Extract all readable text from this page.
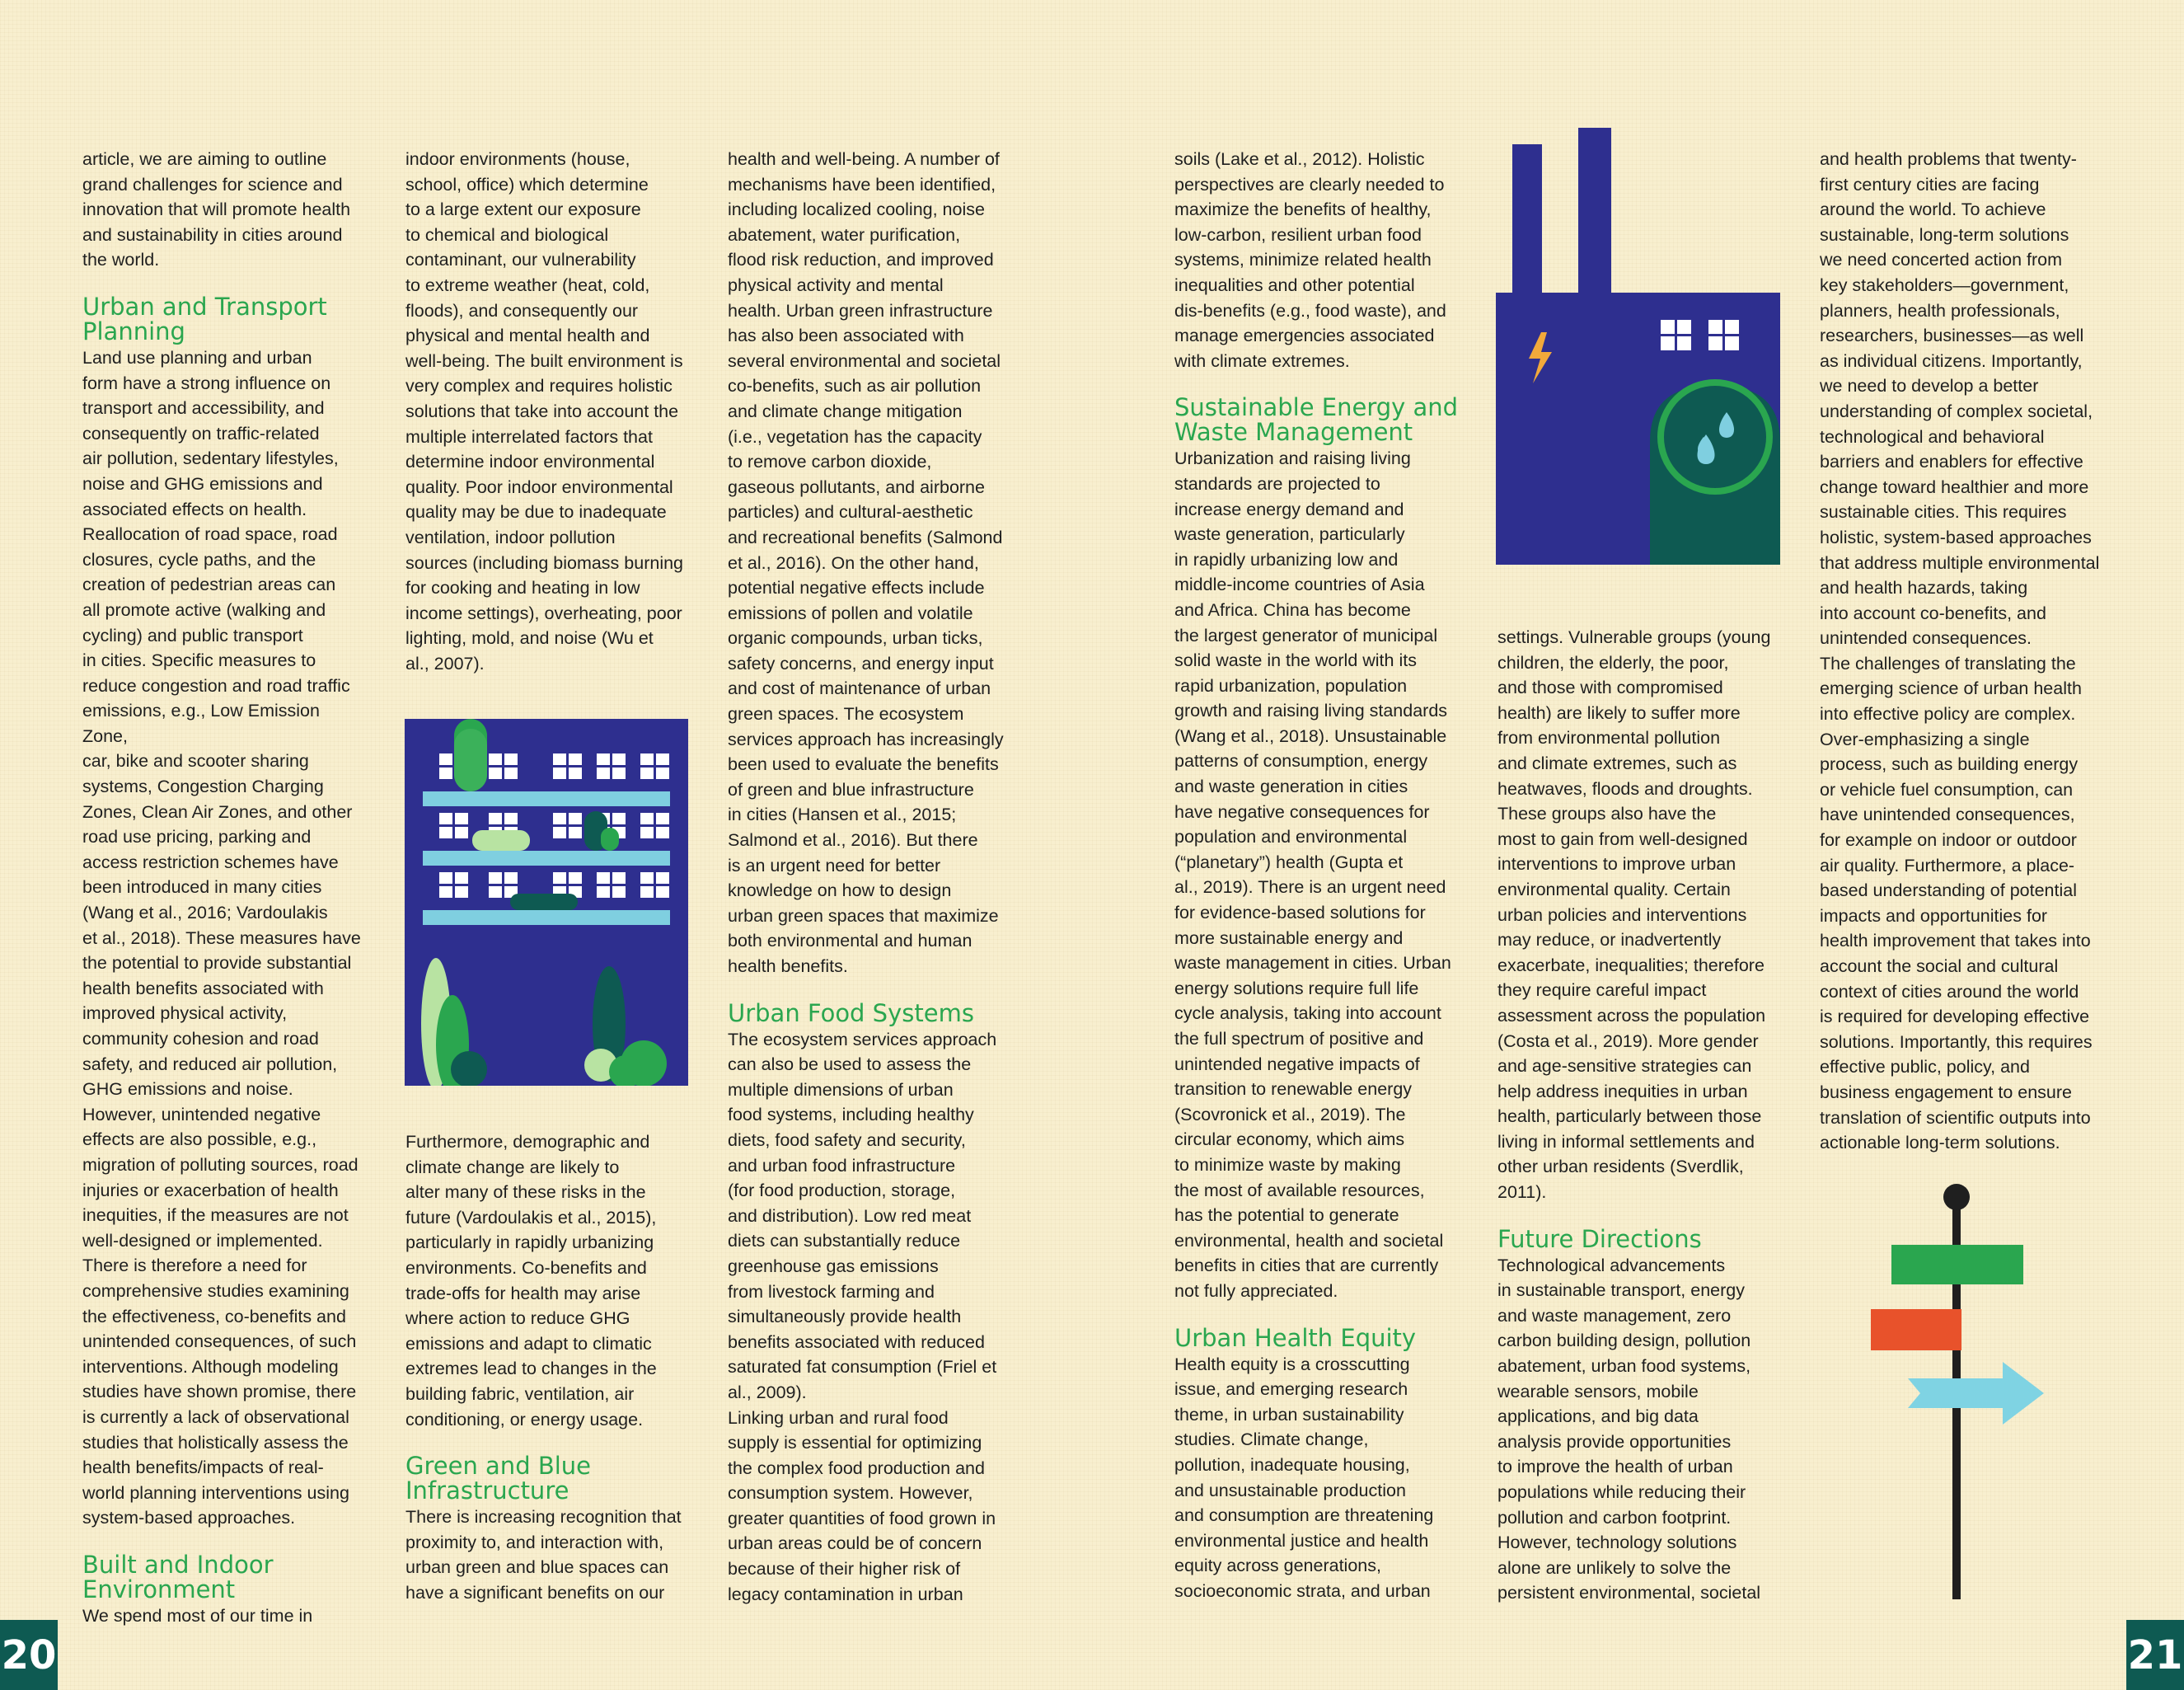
article, we are aiming to outline
grand challenges for science and
innovation that will promote health
and sustainability in cities around
the world.

Urban and Transport
Planning

Land use planning and urban
form have a strong influence on
transport and accessibility, and
consequently on traffic-related
air pollution, sedentary lifestyles,
noise and GHG emissions and
associated effects on health.
Reallocation of road space, road
closures, cycle paths, and the
creation of pedestrian areas can
all promote active (walking and
cycling) and public transport
in cities. Specific measures to
reduce congestion and road traffic
emissions, e.g., Low Emission Zone,
car, bike and scooter sharing
systems, Congestion Charging
Zones, Clean Air Zones, and other
road use pricing, parking and
access restriction schemes have
been introduced in many cities
(Wang et al., 2016; Vardoulakis
et al., 2018). These measures have
the potential to provide substantial
health benefits associated with
improved physical activity,
community cohesion and road
safety, and reduced air pollution,
GHG emissions and noise.
However, unintended negative
effects are also possible, e.g.,
migration of polluting sources, road
injuries or exacerbation of health
inequities, if the measures are not
well-designed or implemented.
There is therefore a need for
comprehensive studies examining
the effectiveness, co-benefits and
unintended consequences, of such
interventions. Although modeling
studies have shown promise, there
is currently a lack of observational
studies that holistically assess the
health benefits/impacts of real-
world planning interventions using
system-based approaches.

Built and Indoor
Environment

We spend most of our time in

indoor environments (house,
school, office) which determine
to a large extent our exposure
to chemical and biological
contaminant, our vulnerability
to extreme weather (heat, cold,
floods), and consequently our
physical and mental health and
well-being. The built environment is
very complex and requires holistic
solutions that take into account the
multiple interrelated factors that
determine indoor environmental
quality. Poor indoor environmental
quality may be due to inadequate
ventilation, indoor pollution
sources (including biomass burning
for cooking and heating in low
income settings), overheating, poor
lighting, mold, and noise (Wu et
al., 2007).

Furthermore, demographic and
climate change are likely to
alter many of these risks in the
future (Vardoulakis et al., 2015),
particularly in rapidly urbanizing
environments. Co-benefits and
trade-offs for health may arise
where action to reduce GHG
emissions and adapt to climatic
extremes lead to changes in the
building fabric, ventilation, air
conditioning, or energy usage.

Green and Blue
Infrastructure

There is increasing recognition that
proximity to, and interaction with,
urban green and blue spaces can
have a significant benefits on our

health and well-being. A number of
mechanisms have been identified,
including localized cooling, noise
abatement, water purification,
flood risk reduction, and improved
physical activity and mental
health. Urban green infrastructure
has also been associated with
several environmental and societal
co-benefits, such as air pollution
and climate change mitigation
(i.e., vegetation has the capacity
to remove carbon dioxide,
gaseous pollutants, and airborne
particles) and cultural-aesthetic
and recreational benefits (Salmond
et al., 2016). On the other hand,
potential negative effects include
emissions of pollen and volatile
organic compounds, urban ticks,
safety concerns, and energy input
and cost of maintenance of urban
green spaces. The ecosystem
services approach has increasingly
been used to evaluate the benefits
of green and blue infrastructure
in cities (Hansen et al., 2015;
Salmond et al., 2016). But there
is an urgent need for better
knowledge on how to design
urban green spaces that maximize
both environmental and human
health benefits.

Urban Food Systems

The ecosystem services approach
can also be used to assess the
multiple dimensions of urban
food systems, including healthy
diets, food safety and security,
and urban food infrastructure
(for food production, storage,
and distribution). Low red meat
diets can substantially reduce
greenhouse gas emissions
from livestock farming and
simultaneously provide health
benefits associated with reduced
saturated fat consumption (Friel et
al., 2009).
Linking urban and rural food
supply is essential for optimizing
the complex food production and
consumption system. However,
greater quantities of food grown in
urban areas could be of concern
because of their higher risk of
legacy contamination in urban

soils (Lake et al., 2012). Holistic
perspectives are clearly needed to
maximize the benefits of healthy,
low-carbon, resilient urban food
systems, minimize related health
inequalities and other potential
dis-benefits (e.g., food waste), and
manage emergencies associated
with climate extremes.

Sustainable Energy and
Waste Management

Urbanization and raising living
standards are projected to
increase energy demand and
waste generation, particularly
in rapidly urbanizing low and
middle-income countries of Asia
and Africa. China has become
the largest generator of municipal
solid waste in the world with its
rapid urbanization, population
growth and raising living standards
(Wang et al., 2018). Unsustainable
patterns of consumption, energy
and waste generation in cities
have negative consequences for
population and environmental
(“planetary”) health (Gupta et
al., 2019). There is an urgent need
for evidence-based solutions for
more sustainable energy and
waste management in cities. Urban
energy solutions require full life
cycle analysis, taking into account
the full spectrum of positive and
unintended negative impacts of
transition to renewable energy
(Scovronick et al., 2019). The
circular economy, which aims
to minimize waste by making
the most of available resources,
has the potential to generate
environmental, health and societal
benefits in cities that are currently
not fully appreciated.

Urban Health Equity

Health equity is a crosscutting
issue, and emerging research
theme, in urban sustainability
studies. Climate change,
pollution, inadequate housing,
and unsustainable production
and consumption are threatening
environmental justice and health
equity across generations,
socioeconomic strata, and urban

settings. Vulnerable groups (young
children, the elderly, the poor,
and those with compromised
health) are likely to suffer more
from environmental pollution
and climate extremes, such as
heatwaves, floods and droughts.
These groups also have the
most to gain from well-designed
interventions to improve urban
environmental quality. Certain
urban policies and interventions
may reduce, or inadvertently
exacerbate, inequalities; therefore
they require careful impact
assessment across the population
(Costa et al., 2019). More gender
and age-sensitive strategies can
help address inequities in urban
health, particularly between those
living in informal settlements and
other urban residents (Sverdlik,
2011).

Future Directions

Technological advancements
in sustainable transport, energy
and waste management, zero
carbon building design, pollution
abatement, urban food systems,
wearable sensors, mobile
applications, and big data
analysis provide opportunities
to improve the health of urban
populations while reducing their
pollution and carbon footprint.
However, technology solutions
alone are unlikely to solve the
persistent environmental, societal

and health problems that twenty-
first century cities are facing
around the world. To achieve
sustainable, long-term solutions
we need concerted action from
key stakeholders—government,
planners, health professionals,
researchers, businesses—as well
as individual citizens. Importantly,
we need to develop a better
understanding of complex societal,
technological and behavioral
barriers and enablers for effective
change toward healthier and more
sustainable cities. This requires
holistic, system-based approaches
that address multiple environmental
and health hazards, taking
into account co-benefits, and
unintended consequences.
The challenges of translating the
emerging science of urban health
into effective policy are complex.
Over-emphasizing a single
process, such as building energy
or vehicle fuel consumption, can
have unintended consequences,
for example on indoor or outdoor
air quality. Furthermore, a place-
based understanding of potential
impacts and opportunities for
health improvement that takes into
account the social and cultural
context of cities around the world
is required for developing effective
solutions. Importantly, this requires
effective public, policy, and
business engagement to ensure
translation of scientific outputs into
actionable long-term solutions.

20	21
